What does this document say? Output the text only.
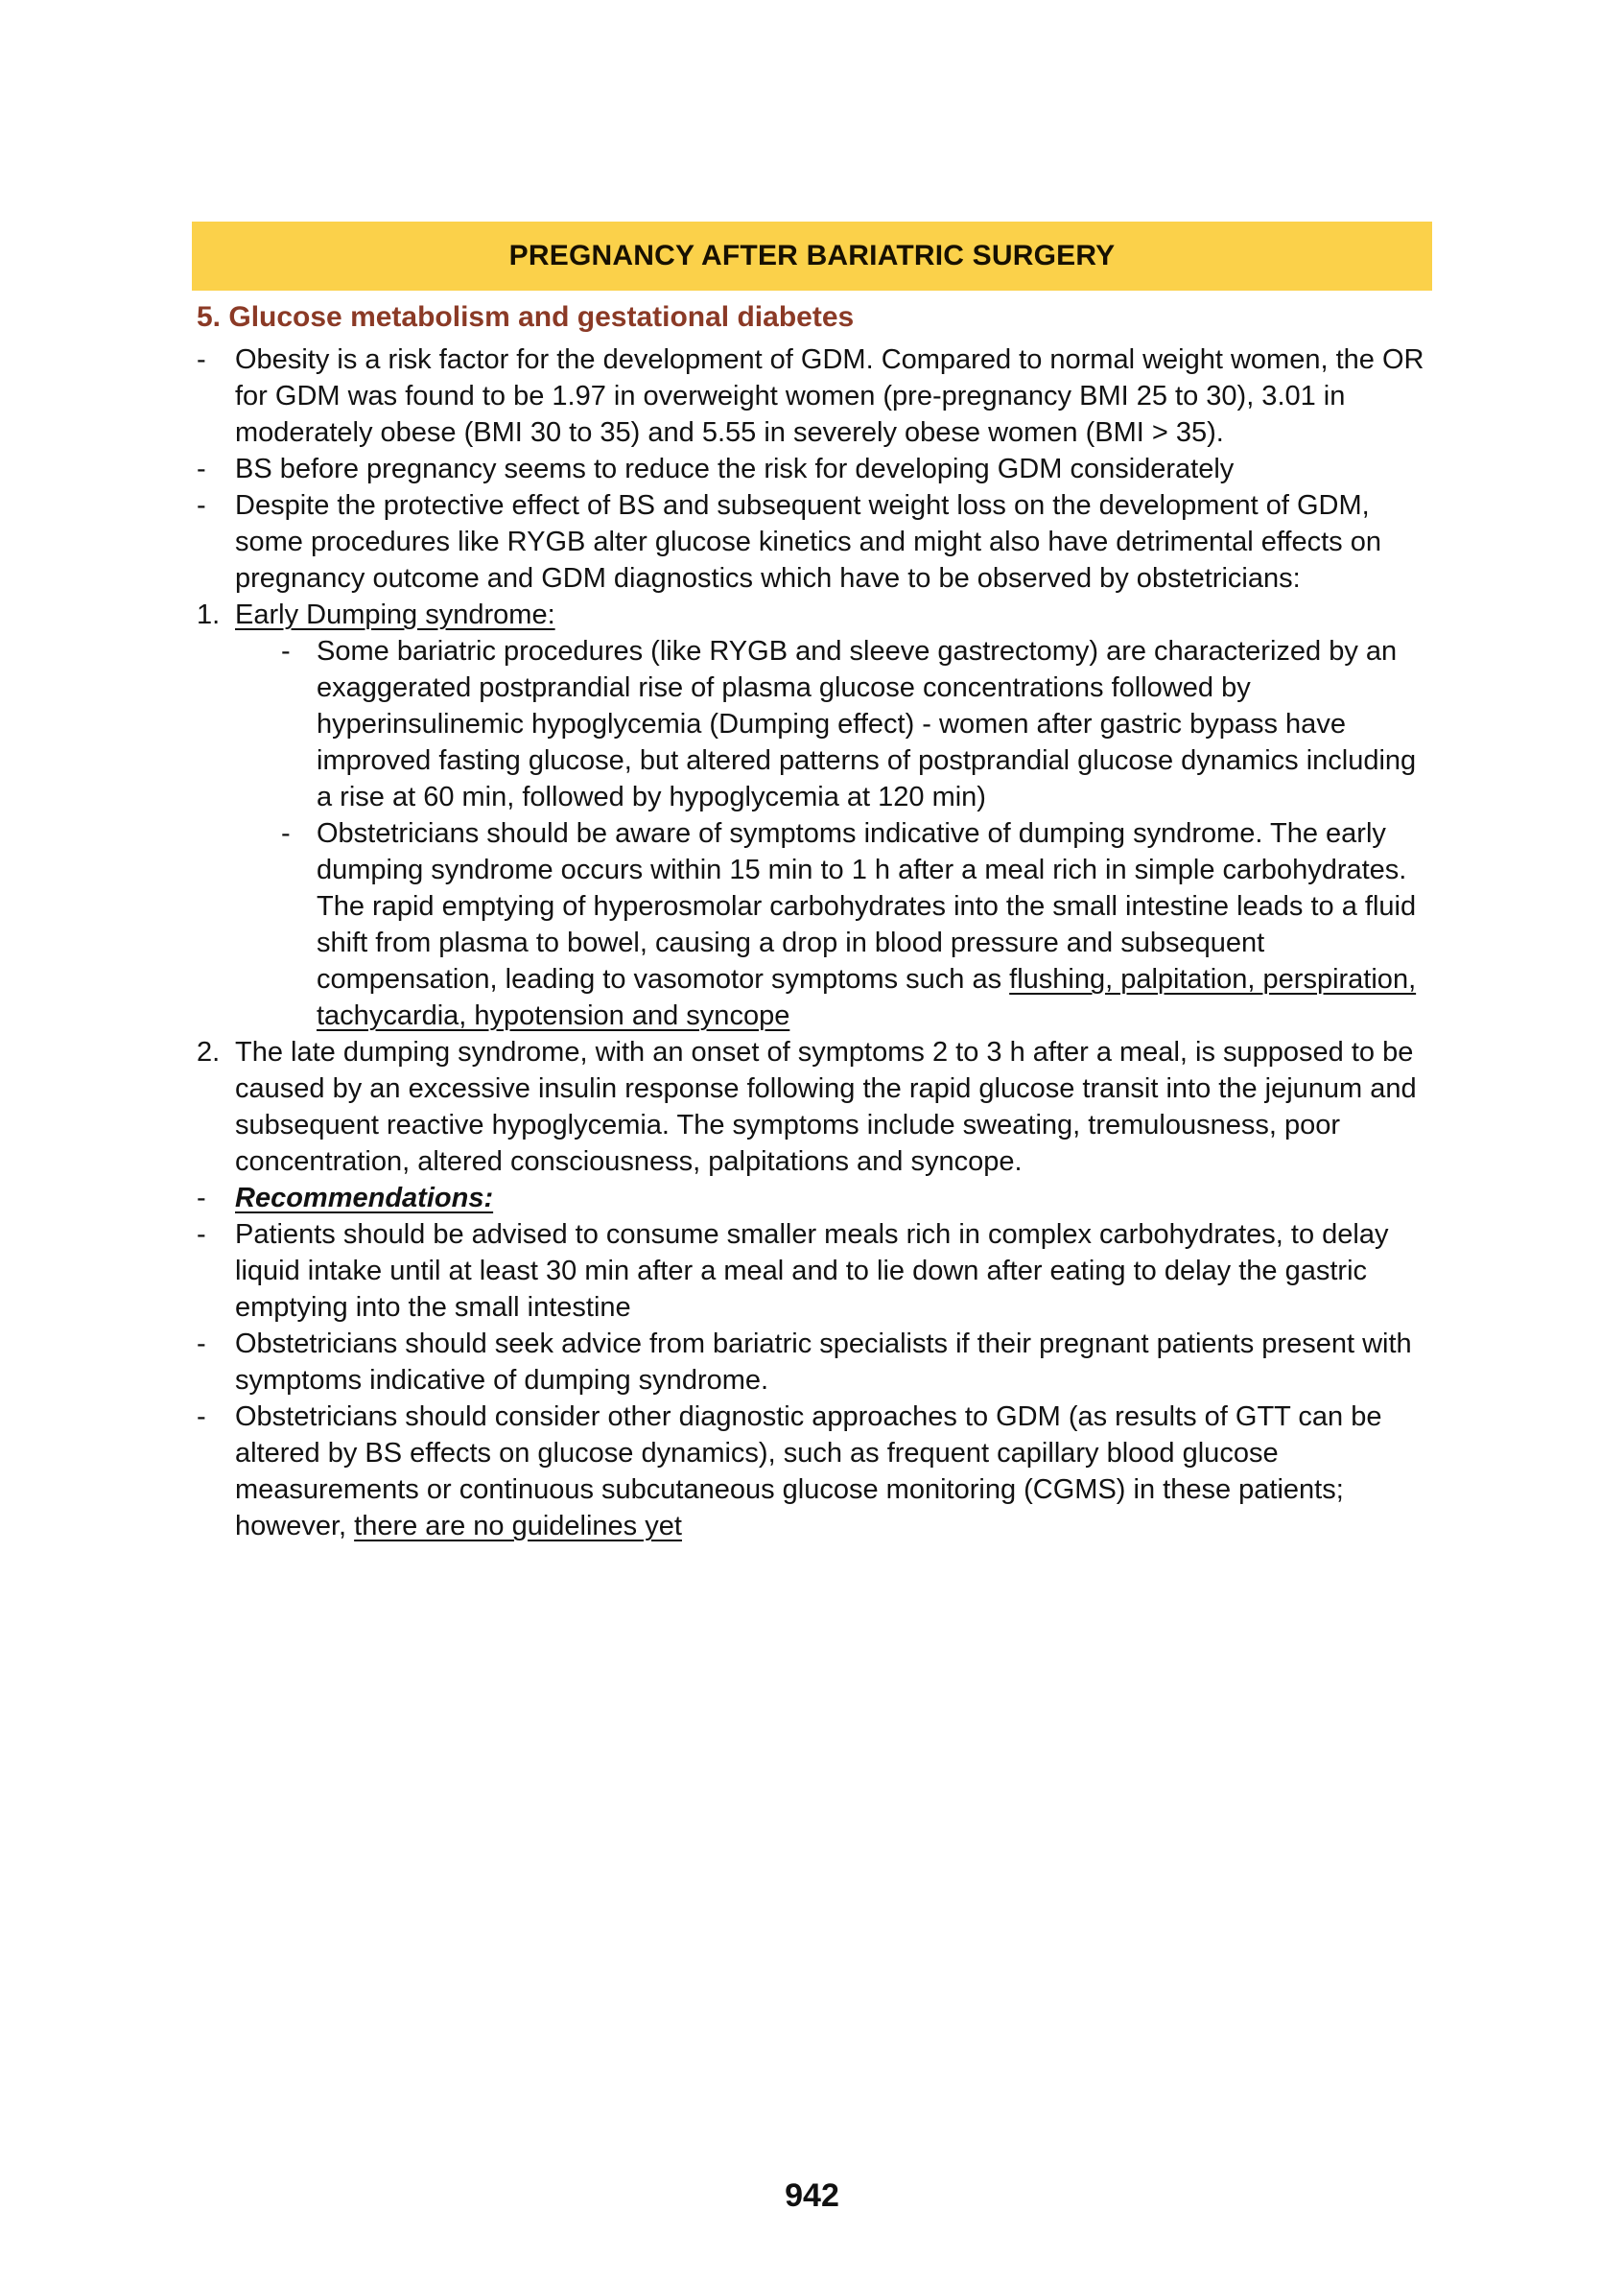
PREGNANCY AFTER BARIATRIC SURGERY
5. Glucose metabolism and gestational diabetes
-	Obesity is a risk factor for the development of GDM. Compared to normal weight women, the OR for GDM was found to be 1.97 in overweight women (pre-pregnancy BMI 25 to 30), 3.01 in moderately obese (BMI 30 to 35) and 5.55 in severely obese women (BMI > 35).
-	BS before pregnancy seems to reduce the risk for developing GDM considerately
-	Despite the protective effect of BS and subsequent weight loss on the development of GDM, some procedures like RYGB alter glucose kinetics and might also have detrimental effects on pregnancy outcome and GDM diagnostics which have to be observed by obstetricians:
1. Early Dumping syndrome:
- Some bariatric procedures (like RYGB and sleeve gastrectomy) are characterized by an exaggerated postprandial rise of plasma glucose concentrations followed by hyperinsulinemic hypoglycemia (Dumping effect) - women after gastric bypass have improved fasting glucose, but altered patterns of postprandial glucose dynamics including a rise at 60 min, followed by hypoglycemia at 120 min)
- Obstetricians should be aware of symptoms indicative of dumping syndrome. The early dumping syndrome occurs within 15 min to 1 h after a meal rich in simple carbohydrates. The rapid emptying of hyperosmolar carbohydrates into the small intestine leads to a fluid shift from plasma to bowel, causing a drop in blood pressure and subsequent compensation, leading to vasomotor symptoms such as flushing, palpitation, perspiration, tachycardia, hypotension and syncope
2. The late dumping syndrome, with an onset of symptoms 2 to 3 h after a meal, is supposed to be caused by an excessive insulin response following the rapid glucose transit into the jejunum and subsequent reactive hypoglycemia. The symptoms include sweating, tremulousness, poor concentration, altered consciousness, palpitations and syncope.
-	Recommendations:
-	Patients should be advised to consume smaller meals rich in complex carbohydrates, to delay liquid intake until at least 30 min after a meal and to lie down after eating to delay the gastric emptying into the small intestine
-	Obstetricians should seek advice from bariatric specialists if their pregnant patients present with symptoms indicative of dumping syndrome.
-	Obstetricians should consider other diagnostic approaches to GDM (as results of GTT can be altered by BS effects on glucose dynamics), such as frequent capillary blood glucose measurements or continuous subcutaneous glucose monitoring (CGMS) in these patients; however, there are no guidelines yet
942
